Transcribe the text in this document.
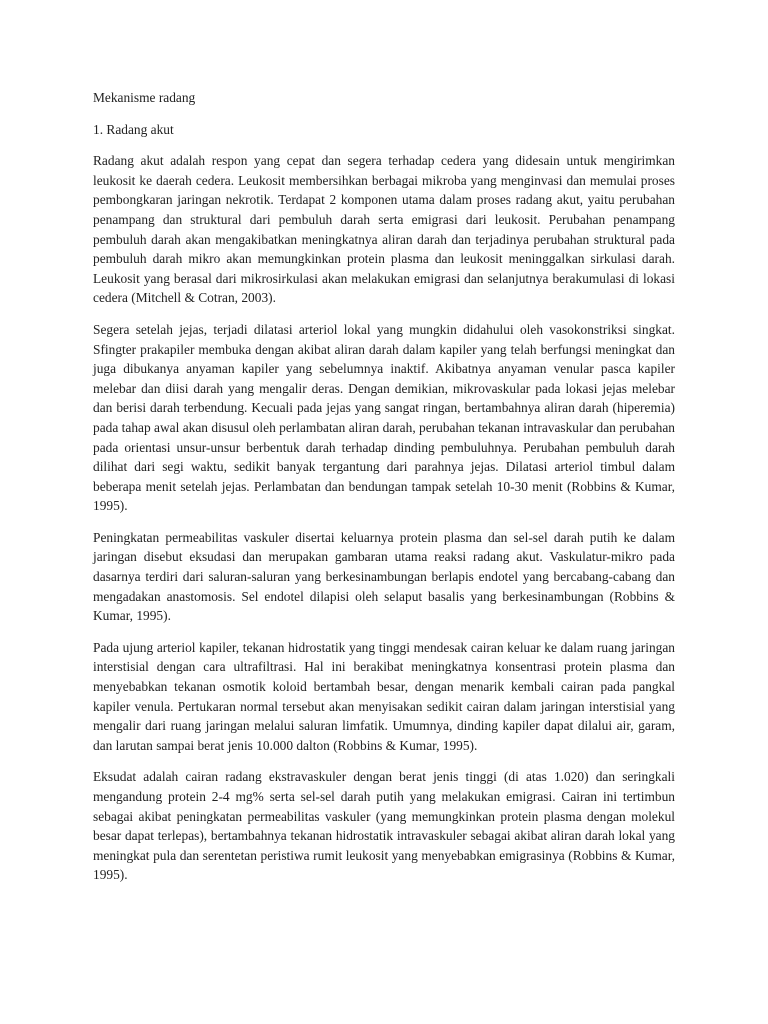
Mekanisme radang

1. Radang akut

Radang akut adalah respon yang cepat dan segera terhadap cedera yang didesain untuk mengirimkan leukosit ke daerah cedera. Leukosit membersihkan berbagai mikroba yang menginvasi dan memulai proses pembongkaran jaringan nekrotik. Terdapat 2 komponen utama dalam proses radang akut, yaitu perubahan penampang dan struktural dari pembuluh darah serta emigrasi dari leukosit. Perubahan penampang pembuluh darah akan mengakibatkan meningkatnya aliran darah dan terjadinya perubahan struktural pada pembuluh darah mikro akan memungkinkan protein plasma dan leukosit meninggalkan sirkulasi darah. Leukosit yang berasal dari mikrosirkulasi akan melakukan emigrasi dan selanjutnya berakumulasi di lokasi cedera (Mitchell & Cotran, 2003).

Segera setelah jejas, terjadi dilatasi arteriol lokal yang mungkin didahului oleh vasokonstriksi singkat. Sfingter prakapiler membuka dengan akibat aliran darah dalam kapiler yang telah berfungsi meningkat dan juga dibukanya anyaman kapiler yang sebelumnya inaktif. Akibatnya anyaman venular pasca kapiler melebar dan diisi darah yang mengalir deras. Dengan demikian, mikrovaskular pada lokasi jejas melebar dan berisi darah terbendung. Kecuali pada jejas yang sangat ringan, bertambahnya aliran darah (hiperemia) pada tahap awal akan disusul oleh perlambatan aliran darah, perubahan tekanan intravaskular dan perubahan pada orientasi unsur-unsur berbentuk darah terhadap dinding pembuluhnya. Perubahan pembuluh darah dilihat dari segi waktu, sedikit banyak tergantung dari parahnya jejas. Dilatasi arteriol timbul dalam beberapa menit setelah jejas. Perlambatan dan bendungan tampak setelah 10-30 menit (Robbins & Kumar, 1995).

Peningkatan permeabilitas vaskuler disertai keluarnya protein plasma dan sel-sel darah putih ke dalam jaringan disebut eksudasi dan merupakan gambaran utama reaksi radang akut. Vaskulatur-mikro pada dasarnya terdiri dari saluran-saluran yang berkesinambungan berlapis endotel yang bercabang-cabang dan mengadakan anastomosis. Sel endotel dilapisi oleh selaput basalis yang berkesinambungan (Robbins & Kumar, 1995).

Pada ujung arteriol kapiler, tekanan hidrostatik yang tinggi mendesak cairan keluar ke dalam ruang jaringan interstisial dengan cara ultrafiltrasi. Hal ini berakibat meningkatnya konsentrasi protein plasma dan menyebabkan tekanan osmotik koloid bertambah besar, dengan menarik kembali cairan pada pangkal kapiler venula. Pertukaran normal tersebut akan menyisakan sedikit cairan dalam jaringan interstisial yang mengalir dari ruang jaringan melalui saluran limfatik. Umumnya, dinding kapiler dapat dilalui air, garam, dan larutan sampai berat jenis 10.000 dalton (Robbins & Kumar, 1995).

Eksudat adalah cairan radang ekstravaskuler dengan berat jenis tinggi (di atas 1.020) dan seringkali mengandung protein 2-4 mg% serta sel-sel darah putih yang melakukan emigrasi. Cairan ini tertimbun sebagai akibat peningkatan permeabilitas vaskuler (yang memungkinkan protein plasma dengan molekul besar dapat terlepas), bertambahnya tekanan hidrostatik intravaskuler sebagai akibat aliran darah lokal yang meningkat pula dan serentetan peristiwa rumit leukosit yang menyebabkan emigrasinya (Robbins & Kumar, 1995).
